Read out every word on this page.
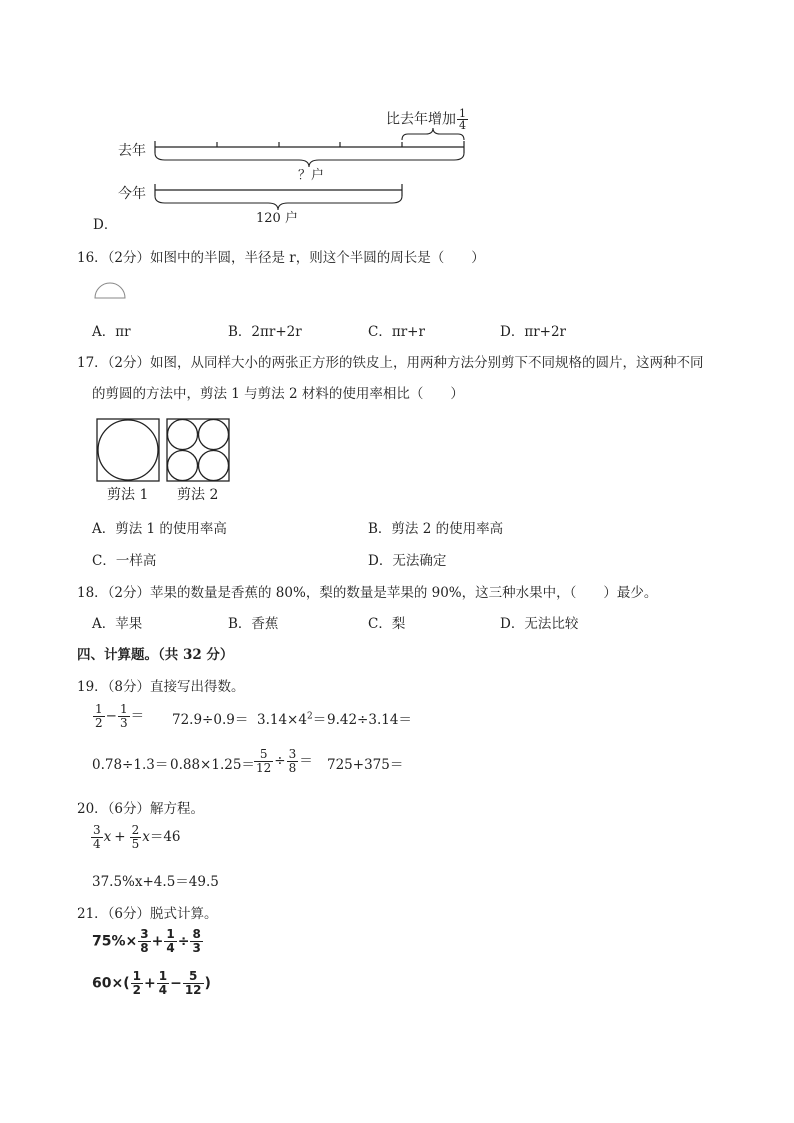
比去年增加 $\frac{1}{4}$
去年
？户
今年
120 户
D．
16．（2分）如图中的半圆，半径是 r，则这个半圆的周长是（　　）
A．πr	B．2πr+2r	C．πr+r	D．πr+2r
17．（2分）如图，从同样大小的两张正方形的铁皮上，用两种方法分别剪下不同规格的圆片，这两种不同
的剪圆的方法中，剪法 1 与剪法 2 材料的使用率相比（　　）
剪法 1 剪法 2
A．剪法 1 的使用率高	B．剪法 2 的使用率高
C．一样高	D．无法确定
18．（2分）苹果的数量是香蕉的 80%，梨的数量是苹果的 90%，这三种水果中，（　　）最少。
A．苹果	B．香蕉	C．梨	D．无法比较
四、计算题。（共 32 分）
19．（8分）直接写出得数。
$\frac{1}{2} - \frac{1}{3} = 72.9\div 0.9= 3.14\times 4^2= 9.42\div 3.14=$
$0.78\div 1.3= 0.88\times 1.25= \frac{5}{12} \div \frac{3}{8} = 725+375=$
20．（6分）解方程。
$\frac{3}{4}$ $x + \frac{2}{5} x=46$
37.5%x+4.5＝49.5
21．（6分）脱式计算。
$75\%\times \frac{3}{8} + \frac{1}{4} \div \frac{8}{3}$
$60\times( \frac{1}{2} + \frac{1}{4} - \frac{5}{12}$ )
